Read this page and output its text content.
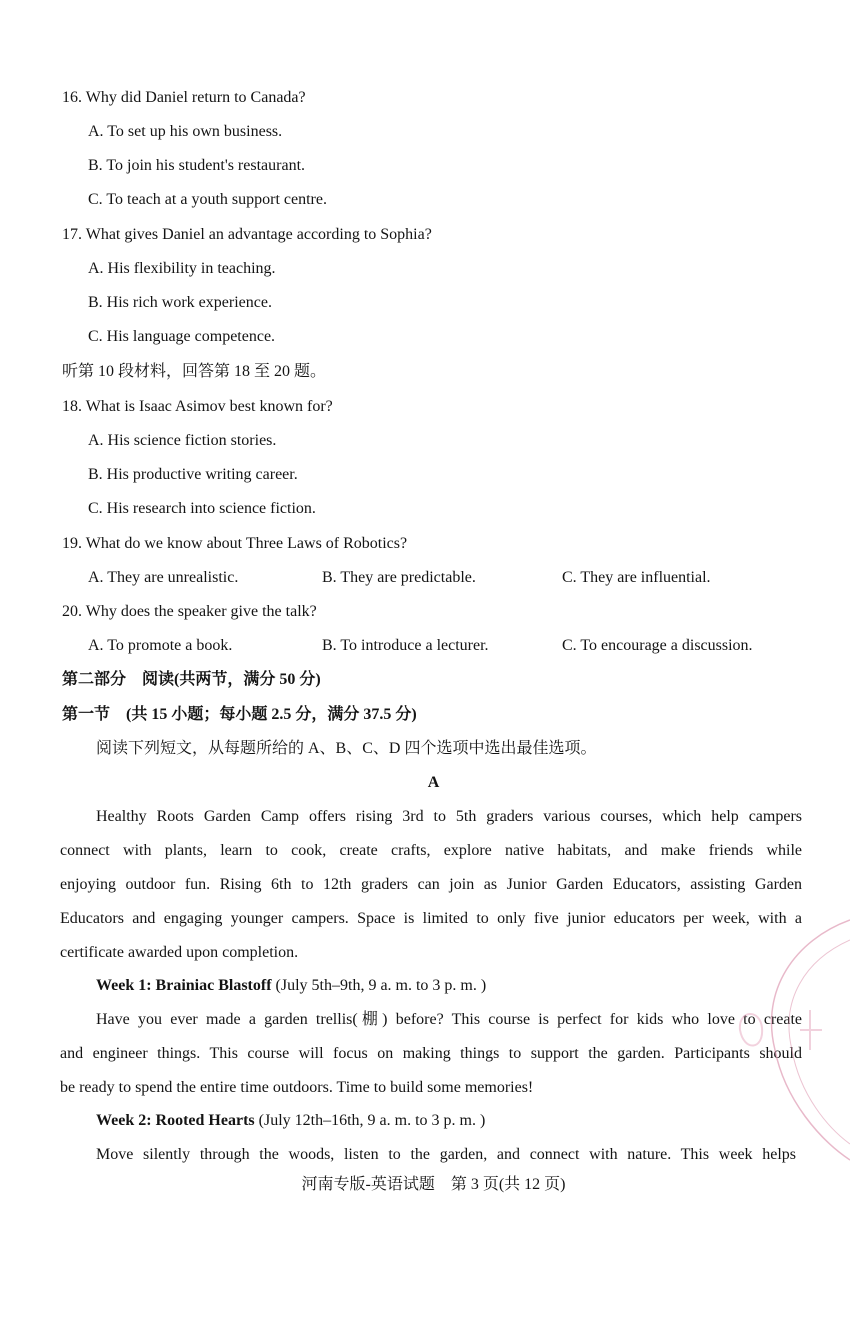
16. Why did Daniel return to Canada?
A. To set up his own business.
B. To join his student's restaurant.
C. To teach at a youth support centre.
17. What gives Daniel an advantage according to Sophia?
A. His flexibility in teaching.
B. His rich work experience.
C. His language competence.
听第 10 段材料，回答第 18 至 20 题。
18. What is Isaac Asimov best known for?
A. His science fiction stories.
B. His productive writing career.
C. His research into science fiction.
19. What do we know about Three Laws of Robotics?
A. They are unrealistic.	B. They are predictable.	C. They are influential.
20. Why does the speaker give the talk?
A. To promote a book.	B. To introduce a lecturer.	C. To encourage a discussion.
第二部分　阅读(共两节，满分 50 分)
第一节　(共 15 小题；每小题 2.5 分，满分 37.5 分)
阅读下列短文，从每题所给的 A、B、C、D 四个选项中选出最佳选项。
A
Healthy Roots Garden Camp offers rising 3rd to 5th graders various courses, which help campers
connect with plants, learn to cook, create crafts, explore native habitats, and make friends while
enjoying outdoor fun. Rising 6th to 12th graders can join as Junior Garden Educators, assisting Garden
Educators and engaging younger campers. Space is limited to only five junior educators per week, with a
certificate awarded upon completion.
Week 1: Brainiac Blastoff (July 5th–9th, 9 a. m. to 3 p. m. )
Have you ever made a garden trellis(棚) before? This course is perfect for kids who love to create
and engineer things. This course will focus on making things to support the garden. Participants should
be ready to spend the entire time outdoors. Time to build some memories!
Week 2: Rooted Hearts (July 12th–16th, 9 a. m. to 3 p. m. )
Move silently through the woods, listen to the garden, and connect with nature. This week helps
河南专版-英语试题　第 3 页(共 12 页)
